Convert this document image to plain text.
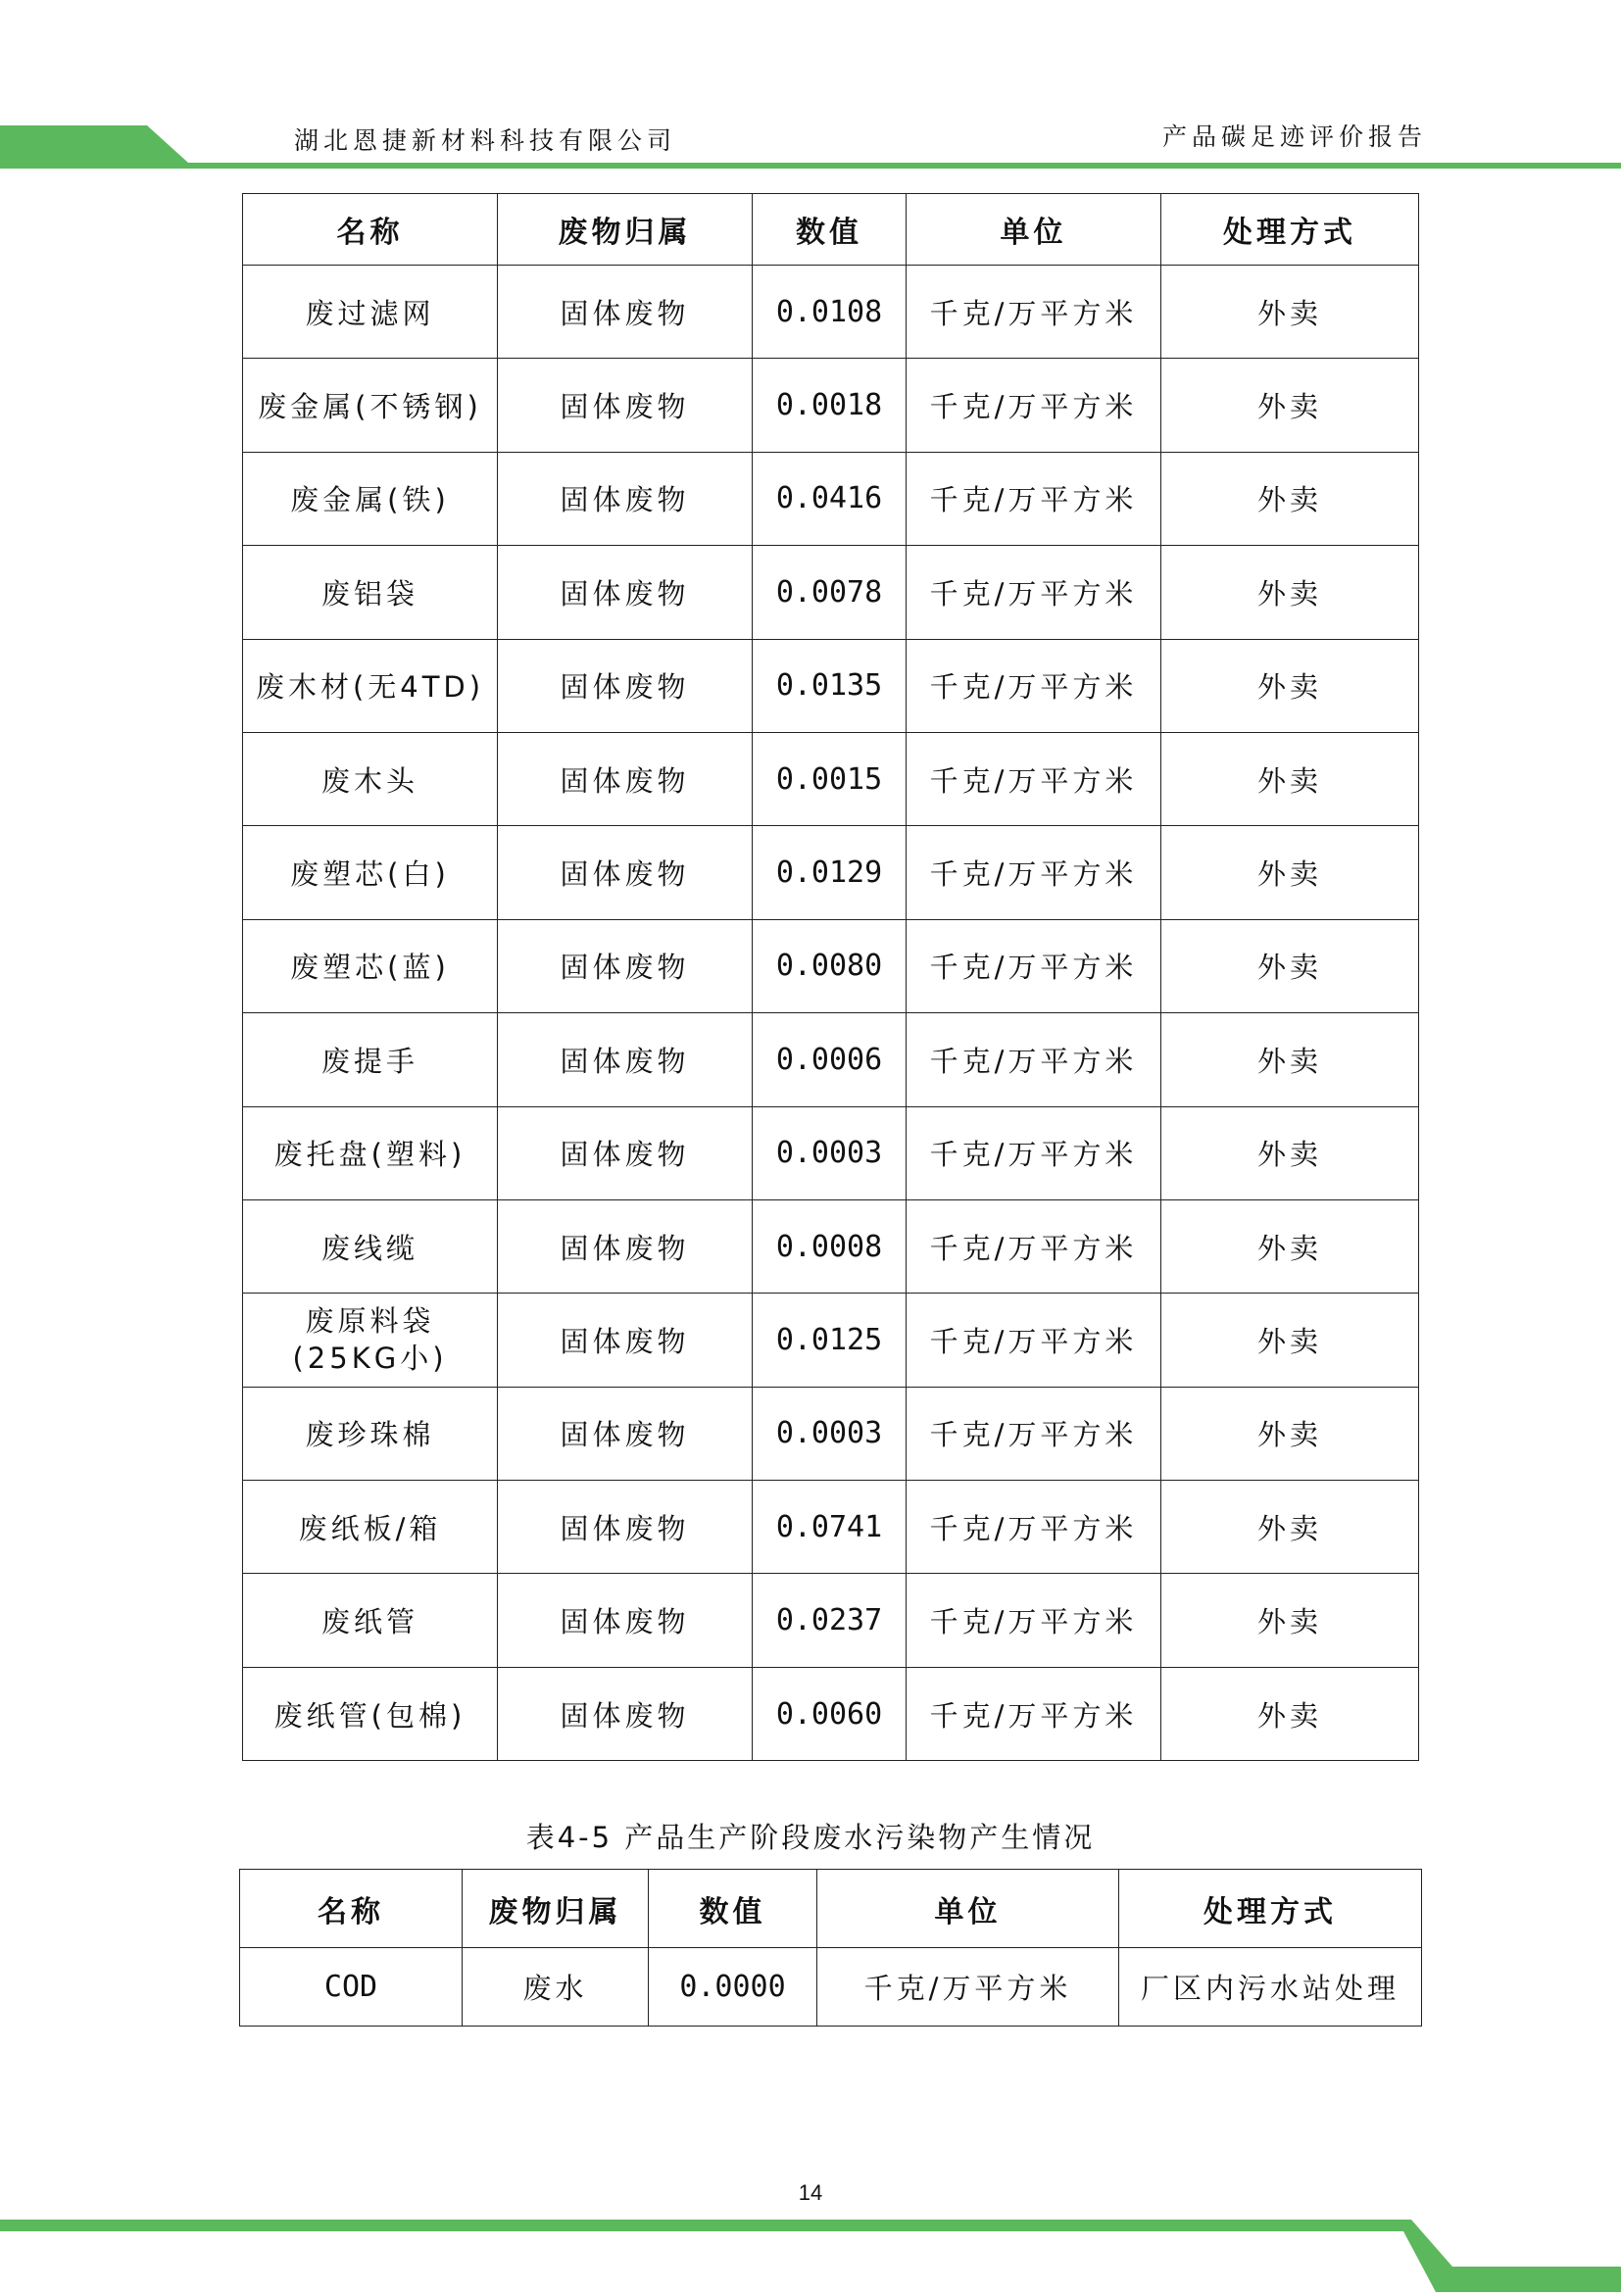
湖北恩捷新材料科技有限公司	产品碳足迹评价报告
名称	废物归属	数值	单位	处理方式
废过滤网	固体废物	0.0108	千克/万平方米	外卖
废金属(不锈钢)	固体废物	0.0018	千克/万平方米	外卖
废金属(铁)	固体废物	0.0416	千克/万平方米	外卖
废铝袋	固体废物	0.0078	千克/万平方米	外卖
废木材(无4TD)	固体废物	0.0135	千克/万平方米	外卖
废木头	固体废物	0.0015	千克/万平方米	外卖
废塑芯(白)	固体废物	0.0129	千克/万平方米	外卖
废塑芯(蓝)	固体废物	0.0080	千克/万平方米	外卖
废提手	固体废物	0.0006	千克/万平方米	外卖
废托盘(塑料)	固体废物	0.0003	千克/万平方米	外卖
废线缆	固体废物	0.0008	千克/万平方米	外卖
废原料袋 (25KG小)	固体废物	0.0125	千克/万平方米	外卖
废珍珠棉	固体废物	0.0003	千克/万平方米	外卖
废纸板/箱	固体废物	0.0741	千克/万平方米	外卖
废纸管	固体废物	0.0237	千克/万平方米	外卖
废纸管(包棉)	固体废物	0.0060	千克/万平方米	外卖
表4-5 产品生产阶段废水污染物产生情况
名称	废物归属	数值	单位	处理方式
COD	废水	0.0000	千克/万平方米	厂区内污水站处理
14
